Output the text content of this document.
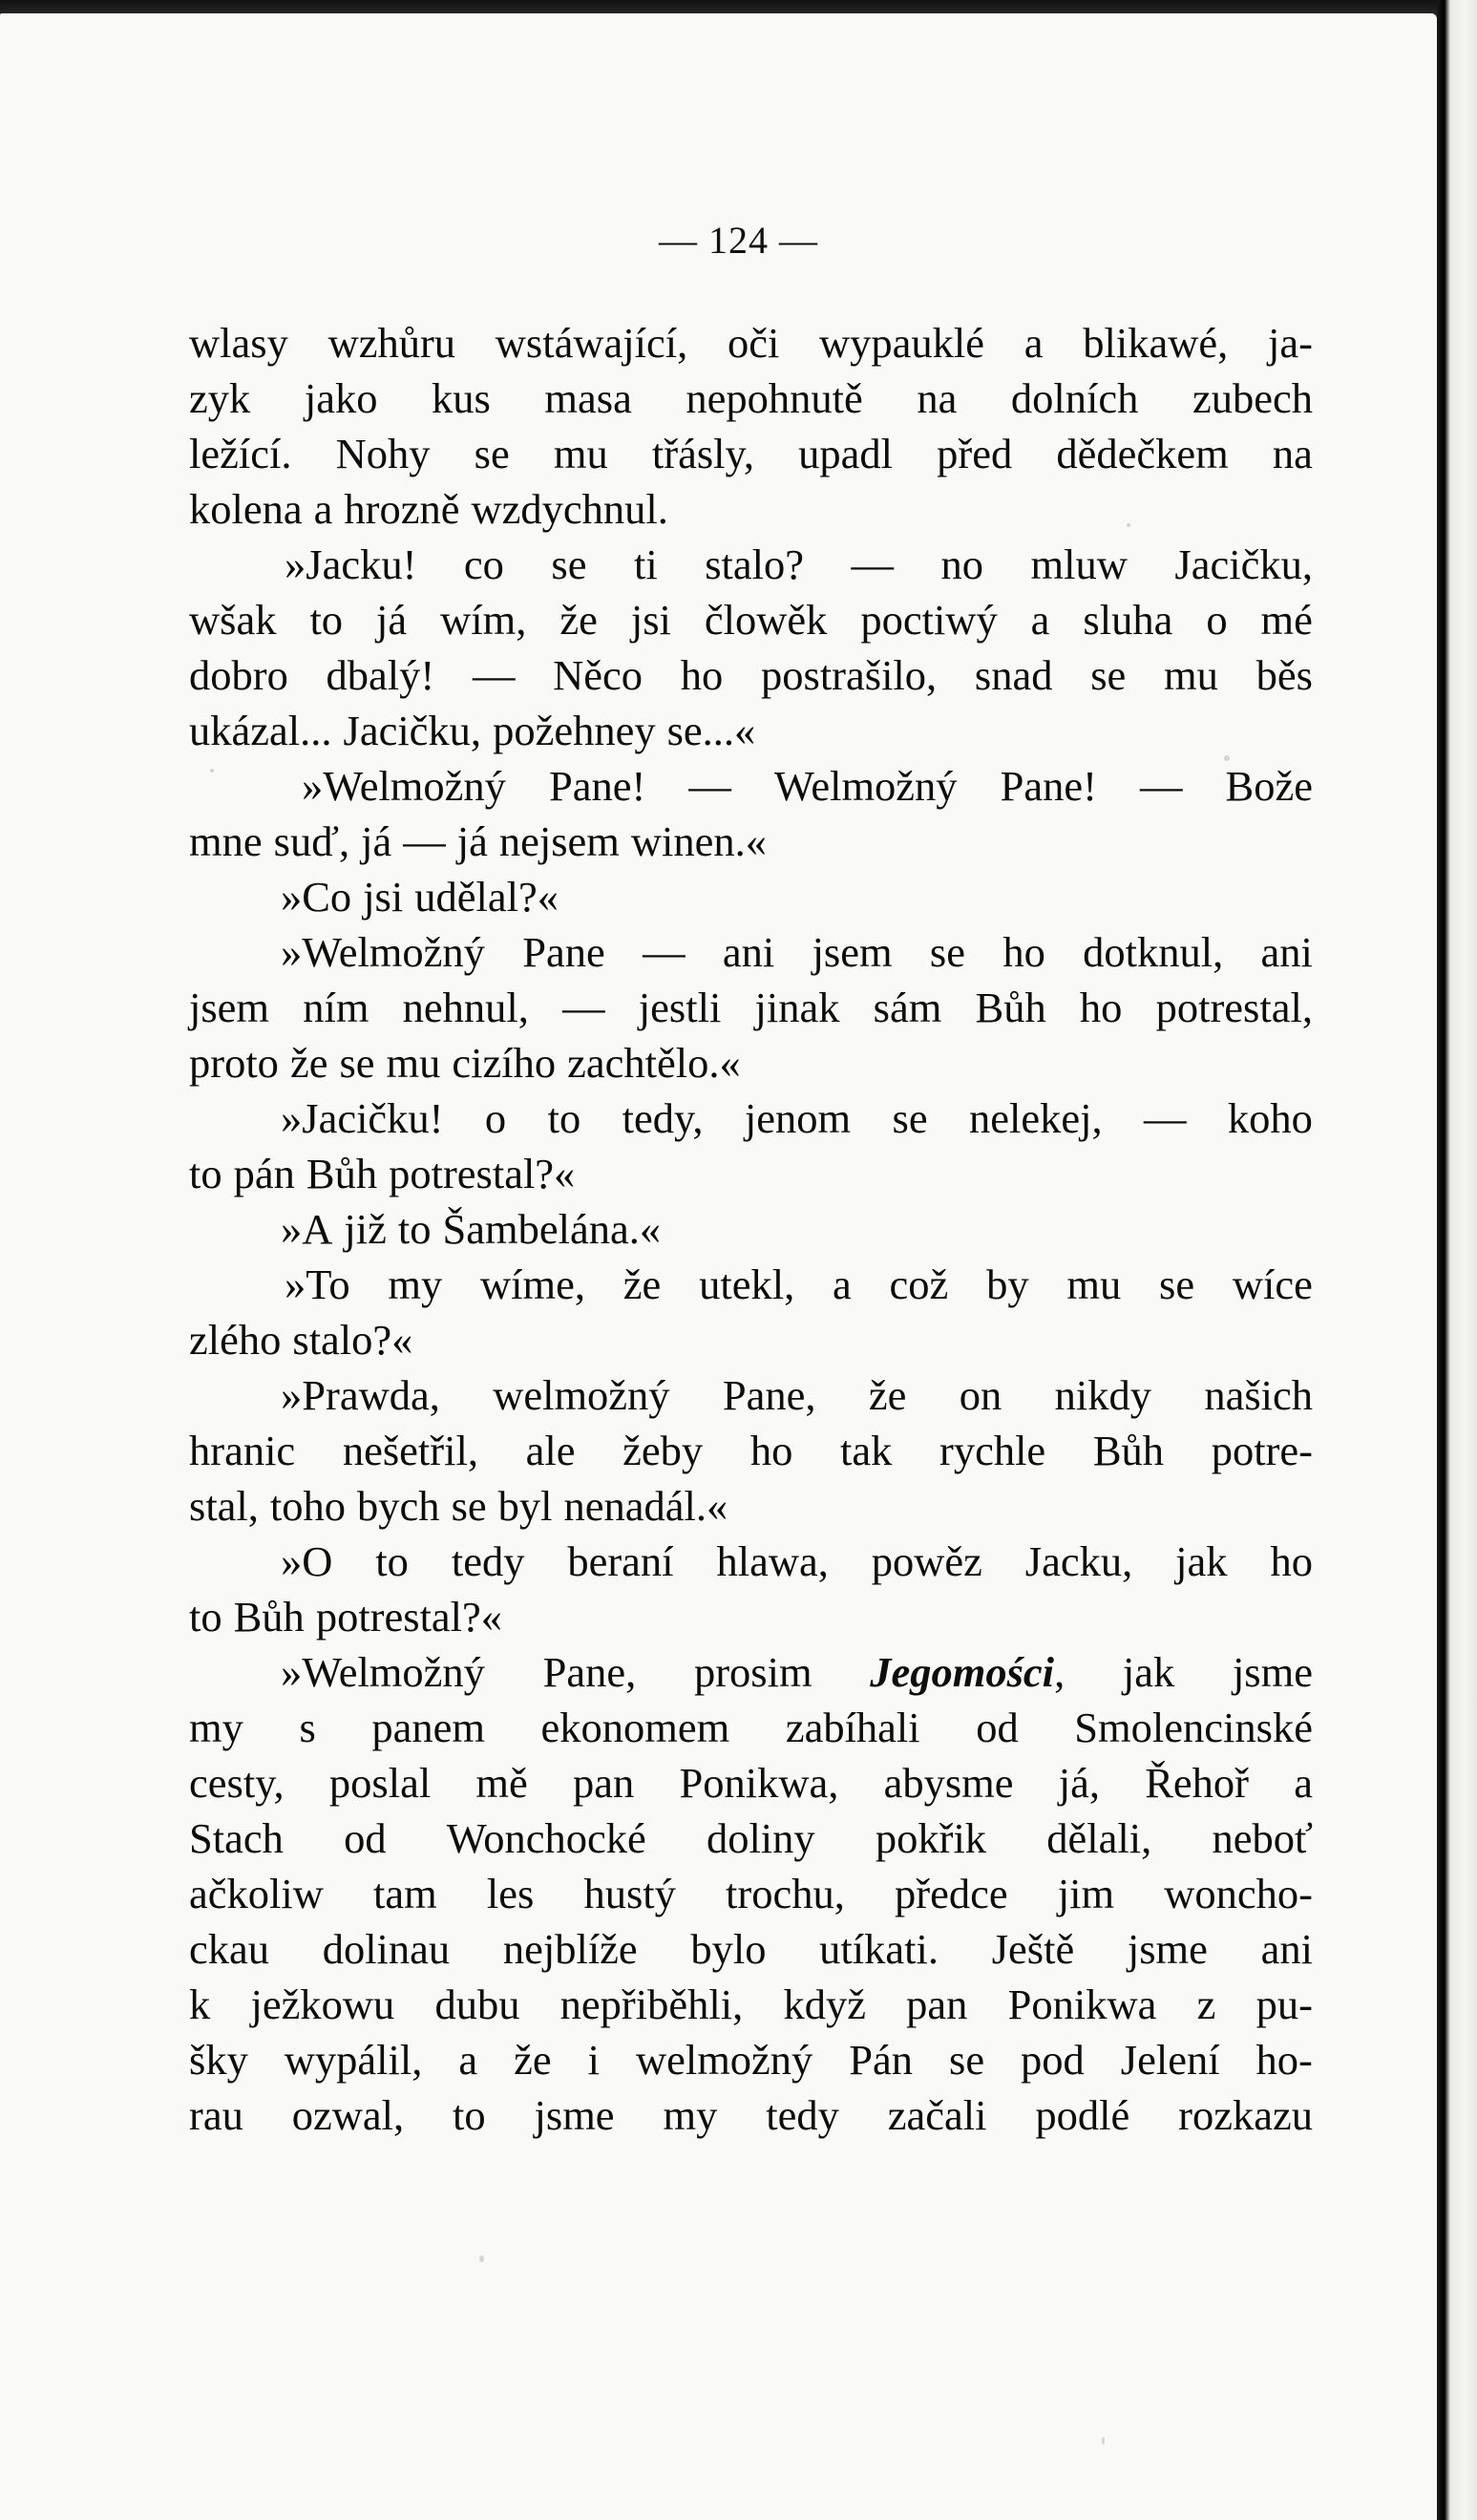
— 124 —
wlasy wzhůru wstáwající, oči wypauklé a blikawé, ja-
zyk jako kus masa nepohnutě na dolních zubech
ležící. Nohy se mu třásly, upadl před dědečkem na
kolena a hrozně wzdychnul.
»Jacku! co se ti stalo? — no mluw Jacičku,
wšak to já wím, že jsi člowěk poctiwý a sluha o mé
dobro dbalý! — Něco ho postrašilo, snad se mu běs
ukázal... Jacičku, požehney se...«
»Welmožný Pane! — Welmožný Pane! — Bože
mne suď, já — já nejsem winen.«
»Co jsi udělal?«
»Welmožný Pane — ani jsem se ho dotknul, ani
jsem ním nehnul, — jestli jinak sám Bůh ho potrestal,
proto že se mu cizího zachtělo.«
»Jacičku! o to tedy, jenom se nelekej, — koho
to pán Bůh potrestal?«
»A již to Šambelána.«
»To my wíme, že utekl, a což by mu se wíce
zlého stalo?«
»Prawda, welmožný Pane, že on nikdy našich
hranic nešetřil, ale žeby ho tak rychle Bůh potre-
stal, toho bych se byl nenadál.«
»O to tedy beraní hlawa, powěz Jacku, jak ho
to Bůh potrestal?«
»Welmožný Pane, prosim Jegomości, jak jsme
my s panem ekonomem zabíhali od Smolencinské
cesty, poslal mě pan Ponikwa, abysme já, Řehoř a
Stach od Wonchocké doliny pokřik dělali, neboť
ačkoliw tam les hustý trochu, předce jim woncho-
ckau dolinau nejblíže bylo utíkati. Ještě jsme ani
k ježkowu dubu nepřiběhli, když pan Ponikwa z pu-
šky wypálil, a že i welmožný Pán se pod Jelení ho-
rau ozwal, to jsme my tedy začali podlé rozkazu
